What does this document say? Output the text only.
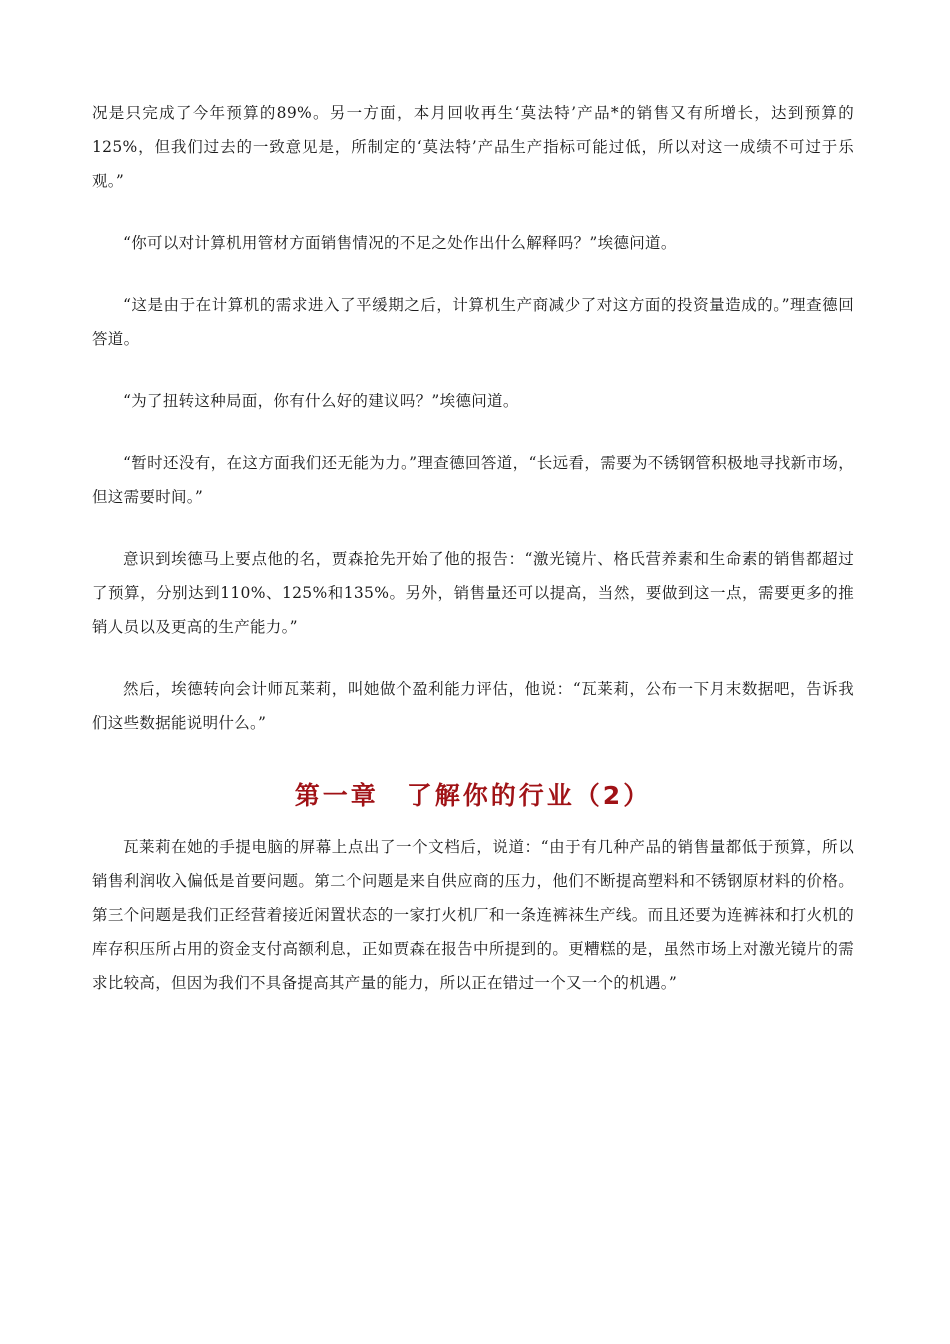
况是只完成了今年预算的89%。另一方面，本月回收再生‘莫法特’产品*的销售又有所增长，达到预算的125%，但我们过去的一致意见是，所制定的‘莫法特’产品生产指标可能过低，所以对这一成绩不可过于乐观。”

“你可以对计算机用管材方面销售情况的不足之处作出什么解释吗？”埃德问道。

“这是由于在计算机的需求进入了平缓期之后，计算机生产商减少了对这方面的投资量造成的。”理查德回答道。

“为了扭转这种局面，你有什么好的建议吗？”埃德问道。

“暂时还没有，在这方面我们还无能为力。”理查德回答道，“长远看，需要为不锈钢管积极地寻找新市场，但这需要时间。”

意识到埃德马上要点他的名，贾森抢先开始了他的报告：“激光镜片、格氏营养素和生命素的销售都超过了预算，分别达到110%、125%和135%。另外，销售量还可以提高，当然，要做到这一点，需要更多的推销人员以及更高的生产能力。”

然后，埃德转向会计师瓦莱莉，叫她做个盈利能力评估，他说：“瓦莱莉，公布一下月末数据吧，告诉我们这些数据能说明什么。”

第一章　了解你的行业（2）

瓦莱莉在她的手提电脑的屏幕上点出了一个文档后，说道：“由于有几种产品的销售量都低于预算，所以销售利润收入偏低是首要问题。第二个问题是来自供应商的压力，他们不断提高塑料和不锈钢原材料的价格。第三个问题是我们正经营着接近闲置状态的一家打火机厂和一条连裤袜生产线。而且还要为连裤袜和打火机的库存积压所占用的资金支付高额利息，正如贾森在报告中所提到的。更糟糕的是，虽然市场上对激光镜片的需求比较高，但因为我们不具备提高其产量的能力，所以正在错过一个又一个的机遇。”
